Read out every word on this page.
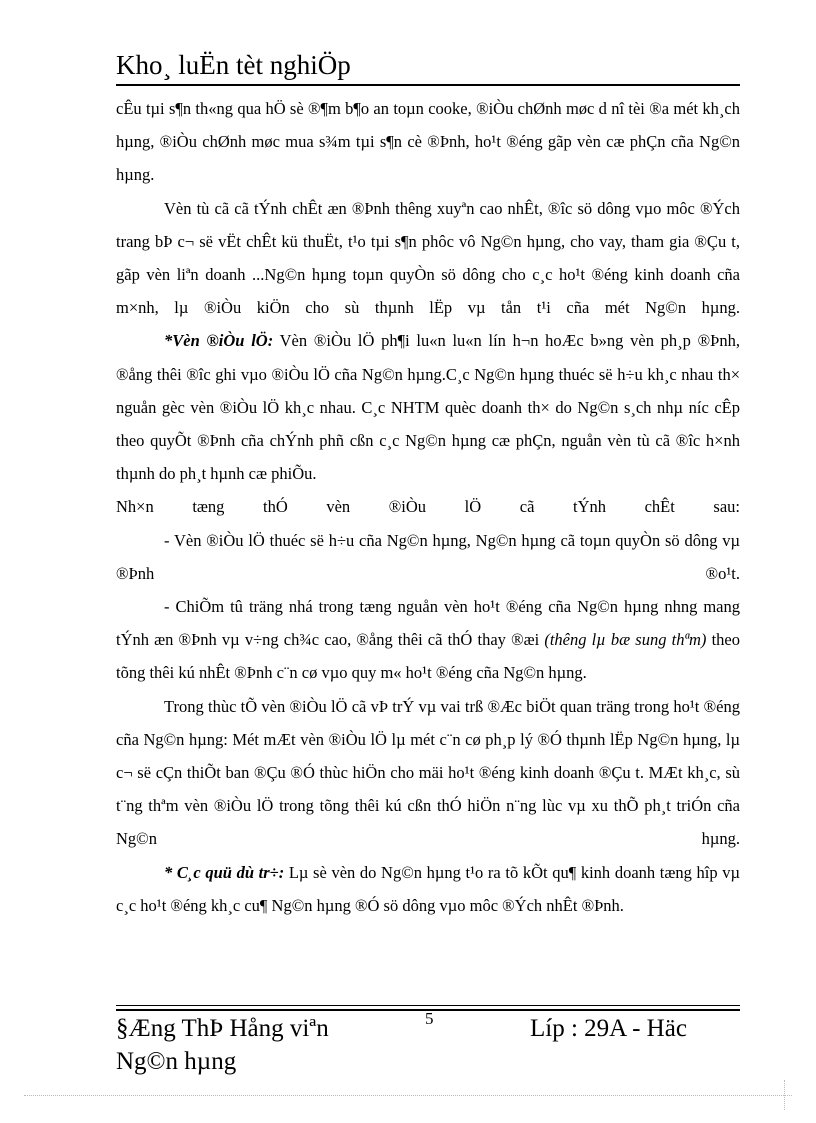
Kho¸ luËn tèt nghiÖp

cÊu tµi s¶n th«ng qua hÖ sè ®¶m b¶o an toµn cooke, ®iÒu chØnh møc d nî tèi ®a mét kh¸ch hµng, ®iÒu chØnh møc mua s¾m tµi s¶n cè ®Þnh, ho¹t ®éng gãp vèn cæ phÇn cña Ng©n hµng.

Vèn tù cã cã tÝnh chÊt æn ®Þnh thêng xuyªn cao nhÊt, ®îc sö dông vµo môc ®Ých trang bÞ c¬ së vËt chÊt kü thuËt, t¹o tµi s¶n phôc vô Ng©n hµng, cho vay, tham gia ®Çu t, gãp vèn liªn doanh ...Ng©n hµng toµn quyÒn sö dông cho c¸c ho¹t ®éng kinh doanh cña m×nh, lµ ®iÒu kiÖn cho sù thµnh lËp vµ tån t¹i cña mét Ng©n hµng.

*Vèn ®iÒu lÖ: Vèn ®iÒu lÖ ph¶i lu«n lu«n lín h¬n hoÆc b»ng vèn ph¸p ®Þnh, ®ång thêi ®îc ghi vµo ®iÒu lÖ cña Ng©n hµng.C¸c Ng©n hµng thuéc së h÷u kh¸c nhau th× nguån gèc vèn ®iÒu lÖ kh¸c nhau. C¸c NHTM quèc doanh th× do Ng©n s¸ch nhµ níc cÊp theo quyÕt ®Þnh cña chÝnh phñ cßn c¸c Ng©n hµng cæ phÇn, nguån vèn tù cã ®îc h×nh thµnh do ph¸t hµnh cæ phiÕu.

Nh×n tæng thÓ vèn ®iÒu lÖ cã tÝnh chÊt sau:

- Vèn ®iÒu lÖ thuéc së h÷u cña Ng©n hµng, Ng©n hµng cã toµn quyÒn sö dông vµ ®Þnh ®o¹t.

- ChiÕm tû träng nhá trong tæng nguån vèn ho¹t ®éng cña Ng©n hµng nhng mang tÝnh æn ®Þnh vµ v÷ng ch¾c cao, ®ång thêi cã thÓ thay ®æi (thêng lµ bæ sung thªm) theo tõng thêi kú nhÊt ®Þnh c¨n cø vµo quy m« ho¹t ®éng cña Ng©n hµng.

Trong thùc tÕ vèn ®iÒu lÖ cã vÞ trÝ vµ vai trß ®Æc biÖt quan träng trong ho¹t ®éng cña Ng©n hµng: Mét mÆt vèn ®iÒu lÖ lµ mét c¨n cø ph¸p lý ®Ó thµnh lËp Ng©n hµng, lµ c¬ së cÇn thiÕt ban ®Çu ®Ó thùc hiÖn cho mäi ho¹t ®éng kinh doanh ®Çu t. MÆt kh¸c, sù t¨ng thªm vèn ®iÒu lÖ trong tõng thêi kú cßn thÓ hiÖn n¨ng lùc vµ xu thÕ ph¸t triÓn cña Ng©n hµng.

* C¸c quü dù tr÷: Lµ sè vèn do Ng©n hµng t¹o ra tõ kÕt qu¶ kinh doanh tæng hîp vµ c¸c ho¹t ®éng kh¸c cu¶ Ng©n hµng ®Ó sö dông vµo môc ®Ých nhÊt ®Þnh.

§Æng ThÞ Hång viªn Ng©n hµng
5	Líp : 29A - Häc
